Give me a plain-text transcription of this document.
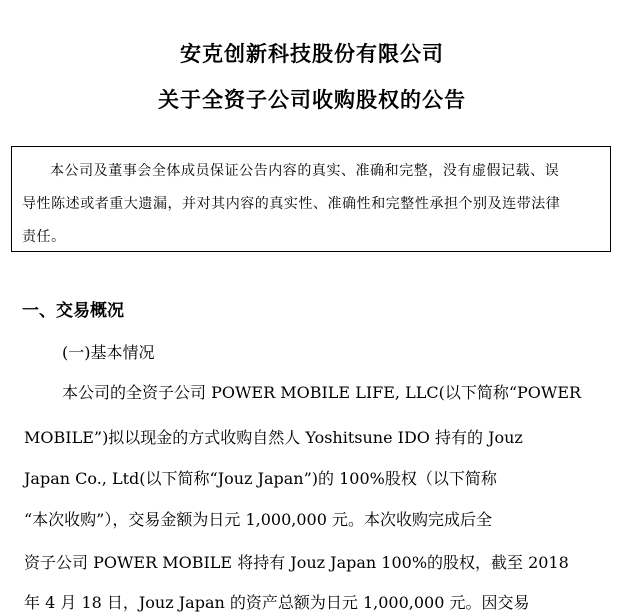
安克创新科技股份有限公司
关于全资子公司收购股权的公告
本公司及董事会全体成员保证公告内容的真实、准确和完整，没有虚假记载、误
导性陈述或者重大遗漏，并对其内容的真实性、准确性和完整性承担个别及连带法律
责任。
一、交易概况
(一)基本情况
本公司的全资子公司 POWER MOBILE LIFE, LLC(以下简称“POWER
MOBILE”)拟以现金的方式收购自然人 Yoshitsune IDO 持有的 Jouz
Japan Co., Ltd(以下简称“Jouz Japan”)的 100%股权（以下简称
“本次收购”），交易金额为日元 1,000,000 元。本次收购完成后全
资子公司 POWER MOBILE 将持有 Jouz Japan 100%的股权，截至 2018
年 4 月 18 日，Jouz Japan 的资产总额为日元 1,000,000 元。因交易
